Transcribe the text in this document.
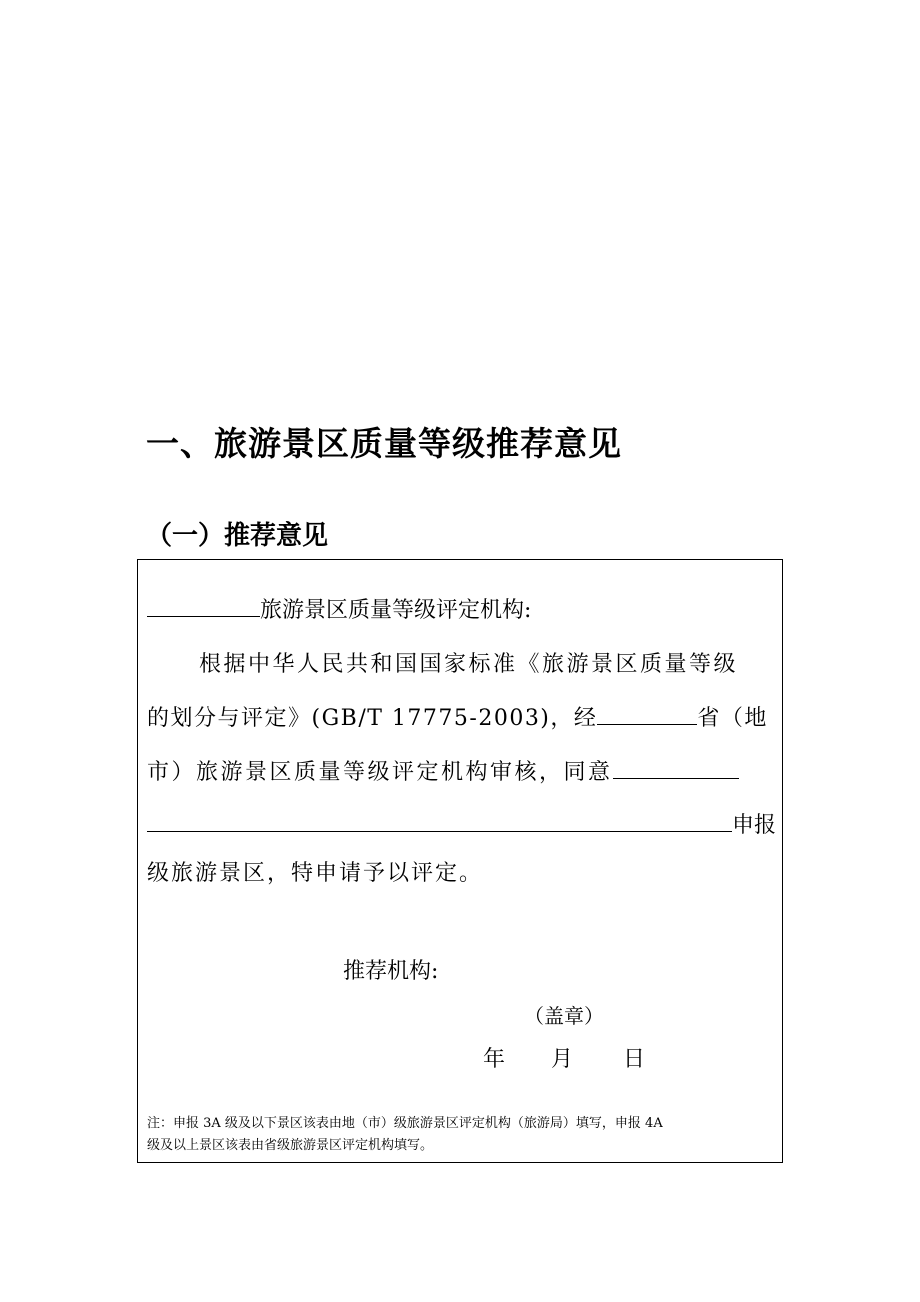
一、旅游景区质量等级推荐意见
（一）推荐意见
旅游景区质量等级评定机构:
根据中华人民共和国国家标准《旅游景区质量等级
的划分与评定》(GB/T 17775-2003)，经	省（地
市）旅游景区质量等级评定机构审核，同意
申报
级旅游景区，特申请予以评定。
推荐机构:
（盖章）
年 月 日
注：申报 3A 级及以下景区该表由地（市）级旅游景区评定机构（旅游局）填写，申报 4A
级及以上景区该表由省级旅游景区评定机构填写。
